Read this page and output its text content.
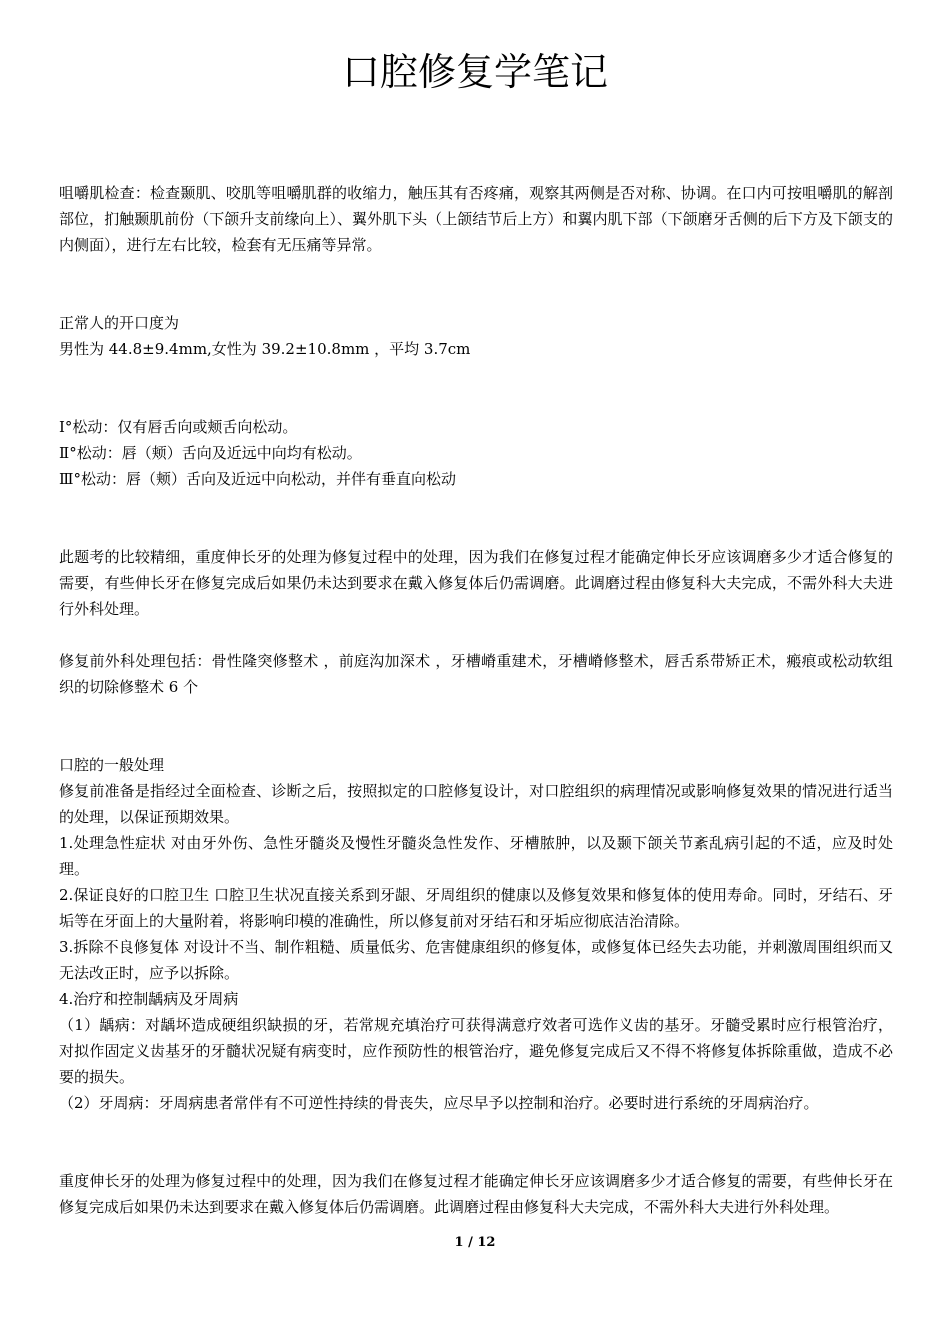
口腔修复学笔记

咀嚼肌检查：检查颞肌、咬肌等咀嚼肌群的收缩力，触压其有否疼痛，观察其两侧是否对称、协调。在口内可按咀嚼肌的解剖部位，扪触颞肌前份（下颌升支前缘向上）、翼外肌下头（上颌结节后上方）和翼内肌下部（下颌磨牙舌侧的后下方及下颌支的内侧面），进行左右比较，检套有无压痛等异常。

正常人的开口度为

男性为 44.8±9.4mm,女性为 39.2±10.8mm ，平均 3.7cm

Ⅰ°松动：仅有唇舌向或颊舌向松动。

Ⅱ°松动：唇（颊）舌向及近远中向均有松动。

Ⅲ°松动：唇（颊）舌向及近远中向松动，并伴有垂直向松动

此题考的比较精细，重度伸长牙的处理为修复过程中的处理，因为我们在修复过程才能确定伸长牙应该调磨多少才适合修复的需要，有些伸长牙在修复完成后如果仍未达到要求在戴入修复体后仍需调磨。此调磨过程由修复科大夫完成，不需外科大夫进行外科处理。

修复前外科处理包括：骨性隆突修整术 ，前庭沟加深术 ，牙槽嵴重建术，牙槽嵴修整术，唇舌系带矫正术，瘢痕或松动软组织的切除修整术 6 个

口腔的一般处理

修复前准备是指经过全面检查、诊断之后，按照拟定的口腔修复设计，对口腔组织的病理情况或影响修复效果的情况进行适当的处理，以保证预期效果。

1.处理急性症状 对由牙外伤、急性牙髓炎及慢性牙髓炎急性发作、牙槽脓肿，以及颞下颌关节紊乱病引起的不适，应及时处理。

2.保证良好的口腔卫生 口腔卫生状况直接关系到牙龈、牙周组织的健康以及修复效果和修复体的使用寿命。同时，牙结石、牙垢等在牙面上的大量附着，将影响印模的准确性，所以修复前对牙结石和牙垢应彻底洁治清除。

3.拆除不良修复体 对设计不当、制作粗糙、质量低劣、危害健康组织的修复体，或修复体已经失去功能，并刺激周围组织而又无法改正时，应予以拆除。

4.治疗和控制龋病及牙周病

（1）龋病：对龋坏造成硬组织缺损的牙，若常规充填治疗可获得满意疗效者可选作义齿的基牙。牙髓受累时应行根管治疗，对拟作固定义齿基牙的牙髓状况疑有病变时，应作预防性的根管治疗，避免修复完成后又不得不将修复体拆除重做，造成不必要的损失。

（2）牙周病：牙周病患者常伴有不可逆性持续的骨丧失，应尽早予以控制和治疗。必要时进行系统的牙周病治疗。

重度伸长牙的处理为修复过程中的处理，因为我们在修复过程才能确定伸长牙应该调磨多少才适合修复的需要，有些伸长牙在修复完成后如果仍未达到要求在戴入修复体后仍需调磨。此调磨过程由修复科大夫完成，不需外科大夫进行外科处理。

1 / 12
